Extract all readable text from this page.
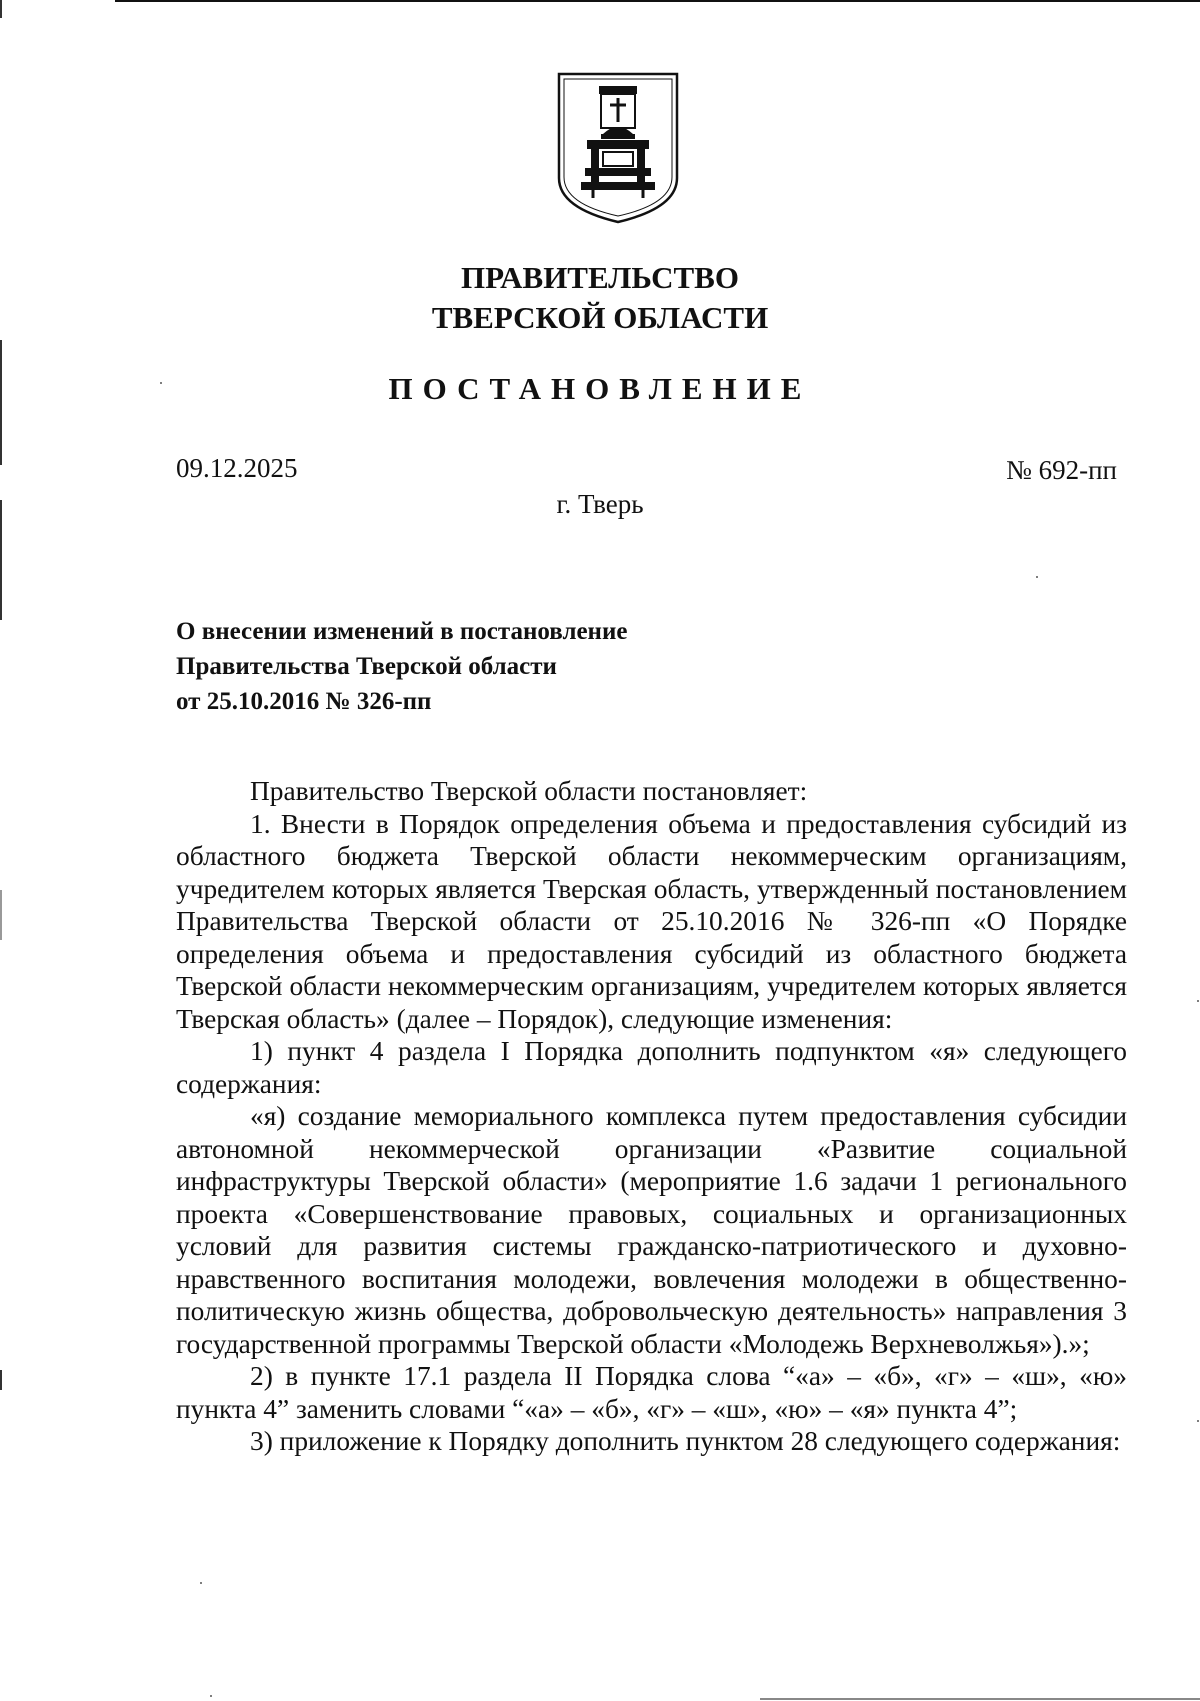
ПРАВИТЕЛЬСТВО
ТВЕРСКОЙ ОБЛАСТИ
ПОСТАНОВЛЕНИЕ
09.12.2025	№ 692-пп
г. Тверь
О внесении изменений в постановление
Правительства Тверской области
от 25.10.2016 № 326-пп

Правительство Тверской области постановляет:

1. Внести в Порядок определения объема и предоставления субсидий из областного бюджета Тверской области некоммерческим организациям, учредителем которых является Тверская область, утвержденный постановлением Правительства Тверской области от 25.10.2016 № 326-пп «О Порядке определения объема и предоставления субсидий из областного бюджета Тверской области некоммерческим организациям, учредителем которых является Тверская область» (далее – Порядок), следующие изменения:

1) пункт 4 раздела I Порядка дополнить подпунктом «я» следующего содержания:

«я) создание мемориального комплекса путем предоставления субсидии автономной некоммерческой организации «Развитие социальной инфраструктуры Тверской области» (мероприятие 1.6 задачи 1 регионального проекта «Совершенствование правовых, социальных и организационных условий для развития системы гражданско-патриотического и духовно-нравственного воспитания молодежи, вовлечения молодежи в общественно-политическую жизнь общества, добровольческую деятельность» направления 3 государственной программы Тверской области «Молодежь Верхневолжья»).»;

2) в пункте 17.1 раздела II Порядка слова “«а» – «б», «г» – «ш», «ю» пункта 4” заменить словами “«а» – «б», «г» – «ш», «ю» – «я» пункта 4”;

3) приложение к Порядку дополнить пунктом 28 следующего содержания:
